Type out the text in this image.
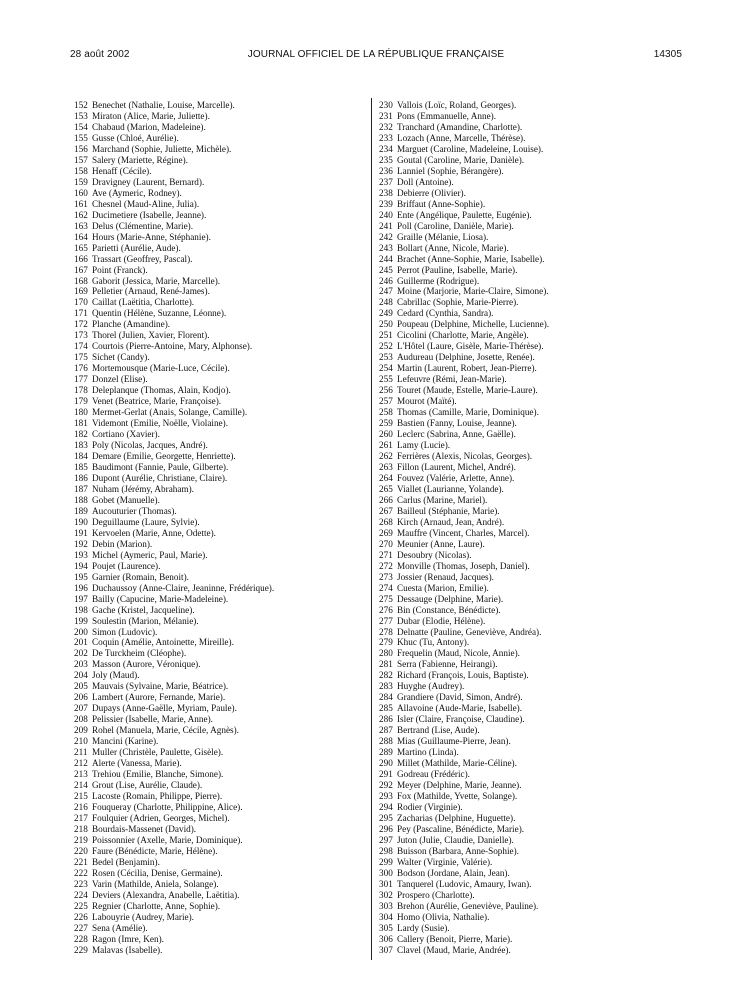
28 août 2002	JOURNAL OFFICIEL DE LA RÉPUBLIQUE FRANÇAISE	14305
152 Benechet (Nathalie, Louise, Marcelle).
153 Miraton (Alice, Marie, Juliette).
154 Chabaud (Marion, Madeleine).
155 Gusse (Chloé, Aurélie).
156 Marchand (Sophie, Juliette, Michèle).
157 Salery (Mariette, Régine).
158 Henaff (Cécile).
159 Dravigney (Laurent, Bernard).
160 Ave (Aymeric, Rodney).
161 Chesnel (Maud-Aline, Julia).
162 Ducimetiere (Isabelle, Jeanne).
163 Delus (Clémentine, Marie).
164 Hours (Marie-Anne, Stéphanie).
165 Parietti (Aurélie, Aude).
166 Trassart (Geoffrey, Pascal).
167 Point (Franck).
168 Gaborit (Jessica, Marie, Marcelle).
169 Pelletier (Arnaud, René-James).
170 Caillat (Laëtitia, Charlotte).
171 Quentin (Hélène, Suzanne, Léonne).
172 Planche (Amandine).
173 Thorel (Julien, Xavier, Florent).
174 Courtois (Pierre-Antoine, Mary, Alphonse).
175 Sichet (Candy).
176 Mortemousque (Marie-Luce, Cécile).
177 Donzel (Elise).
178 Deleplanque (Thomas, Alain, Kodjo).
179 Venet (Beatrice, Marie, Françoise).
180 Mermet-Gerlat (Anais, Solange, Camille).
181 Videmont (Emilie, Noëlle, Violaine).
182 Cortiano (Xavier).
183 Poly (Nicolas, Jacques, André).
184 Demare (Emilie, Georgette, Henriette).
185 Baudimont (Fannie, Paule, Gilberte).
186 Dupont (Aurélie, Christiane, Claire).
187 Nuham (Jérémy, Abraham).
188 Gobet (Manuelle).
189 Aucouturier (Thomas).
190 Deguillaume (Laure, Sylvie).
191 Kervoelen (Marie, Anne, Odette).
192 Debin (Marion).
193 Michel (Aymeric, Paul, Marie).
194 Poujet (Laurence).
195 Garnier (Romain, Benoit).
196 Duchaussoy (Anne-Claire, Jeaninne, Frédérique).
197 Bailly (Capucine, Marie-Madeleine).
198 Gache (Kristel, Jacqueline).
199 Soulestin (Marion, Mélanie).
200 Simon (Ludovic).
201 Coquin (Amélie, Antoinette, Mireille).
202 De Turckheim (Cléophe).
203 Masson (Aurore, Véronique).
204 Joly (Maud).
205 Mauvais (Sylvaine, Marie, Béatrice).
206 Lambert (Aurore, Fernande, Marie).
207 Dupays (Anne-Gaëlle, Myriam, Paule).
208 Pelissier (Isabelle, Marie, Anne).
209 Rohel (Manuela, Marie, Cécile, Agnès).
210 Mancini (Karine).
211 Muller (Christèle, Paulette, Gisèle).
212 Alerte (Vanessa, Marie).
213 Trehiou (Emilie, Blanche, Simone).
214 Grout (Lise, Aurélie, Claude).
215 Lacoste (Romain, Philippe, Pierre).
216 Fouqueray (Charlotte, Philippine, Alice).
217 Foulquier (Adrien, Georges, Michel).
218 Bourdais-Massenet (David).
219 Poissonnier (Axelle, Marie, Dominique).
220 Faure (Bénédicte, Marie, Hélène).
221 Bedel (Benjamin).
222 Rosen (Cécilia, Denise, Germaine).
223 Varin (Mathilde, Aniela, Solange).
224 Deviers (Alexandra, Anabelle, Laëtitia).
225 Regnier (Charlotte, Anne, Sophie).
226 Labouyrie (Audrey, Marie).
227 Sena (Amélie).
228 Ragon (Imre, Ken).
229 Malavas (Isabelle).
230 Vallois (Loïc, Roland, Georges).
231 Pons (Emmanuelle, Anne).
232 Tranchard (Amandine, Charlotte).
233 Lozach (Anne, Marcelle, Thérèse).
234 Marguet (Caroline, Madeleine, Louise).
235 Goutal (Caroline, Marie, Danièle).
236 Lanniel (Sophie, Bérangère).
237 Doll (Antoine).
238 Debierre (Olivier).
239 Briffaut (Anne-Sophie).
240 Ente (Angélique, Paulette, Eugénie).
241 Poll (Caroline, Danièle, Marie).
242 Graille (Mélanie, Liosa).
243 Bollart (Anne, Nicole, Marie).
244 Brachet (Anne-Sophie, Marie, Isabelle).
245 Perrot (Pauline, Isabelle, Marie).
246 Guillerme (Rodrigue).
247 Moine (Marjorie, Marie-Claire, Simone).
248 Cabrillac (Sophie, Marie-Pierre).
249 Cedard (Cynthia, Sandra).
250 Poupeau (Delphine, Michelle, Lucienne).
251 Cicolini (Charlotte, Marie, Angèle).
252 L'Hôtel (Laure, Gisèle, Marie-Thérèse).
253 Audureau (Delphine, Josette, Renée).
254 Martin (Laurent, Robert, Jean-Pierre).
255 Lefeuvre (Rémi, Jean-Marie).
256 Touret (Maude, Estelle, Marie-Laure).
257 Mourot (Maïté).
258 Thomas (Camille, Marie, Dominique).
259 Bastien (Fanny, Louise, Jeanne).
260 Leclerc (Sabrina, Anne, Gaëlle).
261 Lamy (Lucie).
262 Ferrières (Alexis, Nicolas, Georges).
263 Fillon (Laurent, Michel, André).
264 Fouvez (Valérie, Arlette, Anne).
265 Viallet (Laurianne, Yolande).
266 Carlus (Marine, Mariel).
267 Bailleul (Stéphanie, Marie).
268 Kirch (Arnaud, Jean, André).
269 Mauffre (Vincent, Charles, Marcel).
270 Meunier (Anne, Laure).
271 Desoubry (Nicolas).
272 Monville (Thomas, Joseph, Daniel).
273 Jossier (Renaud, Jacques).
274 Cuesta (Marion, Emilie).
275 Dessauge (Delphine, Marie).
276 Bin (Constance, Bénédicte).
277 Dubar (Elodie, Hélène).
278 Delnatte (Pauline, Geneviève, Andréa).
279 Khuc (Tu, Antony).
280 Frequelin (Maud, Nicole, Annie).
281 Serra (Fabienne, Heirangi).
282 Richard (François, Louis, Baptiste).
283 Huyghe (Audrey).
284 Grandiere (David, Simon, André).
285 Allavoine (Aude-Marie, Isabelle).
286 Isler (Claire, Françoise, Claudine).
287 Bertrand (Lise, Aude).
288 Mias (Guillaume-Pierre, Jean).
289 Martino (Linda).
290 Millet (Mathilde, Marie-Céline).
291 Godreau (Frédéric).
292 Meyer (Delphine, Marie, Jeanne).
293 Fox (Mathilde, Yvette, Solange).
294 Rodier (Virginie).
295 Zacharias (Delphine, Huguette).
296 Pey (Pascaline, Bénédicte, Marie).
297 Juton (Julie, Claudie, Danielle).
298 Buisson (Barbara, Anne-Sophie).
299 Walter (Virginie, Valérie).
300 Bodson (Jordane, Alain, Jean).
301 Tanquerel (Ludovic, Amaury, Iwan).
302 Prospero (Charlotte).
303 Brehon (Aurélie, Geneviève, Pauline).
304 Homo (Olivia, Nathalie).
305 Lardy (Susie).
306 Callery (Benoit, Pierre, Marie).
307 Clavel (Maud, Marie, Andrée).
